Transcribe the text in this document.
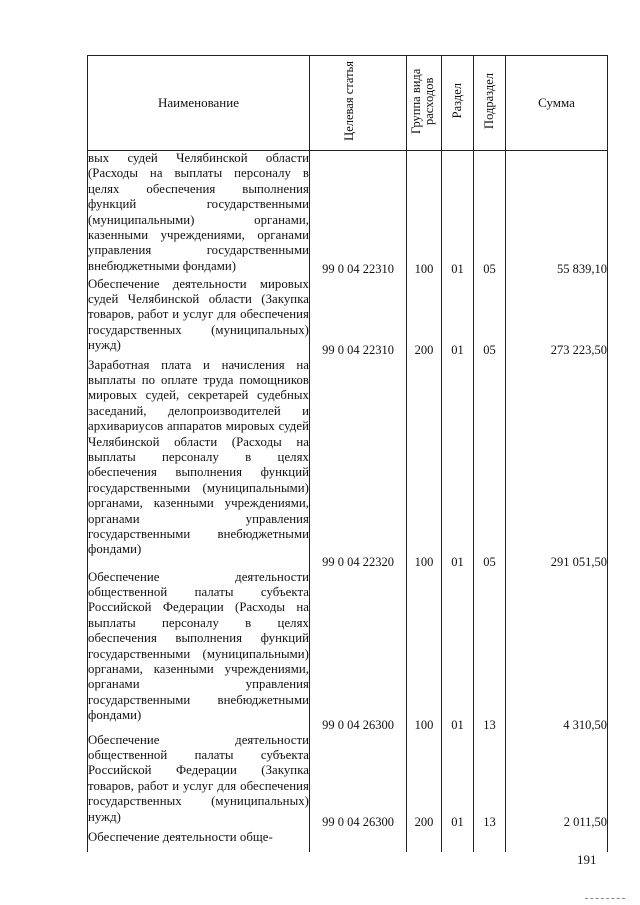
Наименование	Целевая статья	Группа вида расходов	Раздел	Подраздел	Сумма
вых судей Челябинской области (Расходы на выплаты персоналу в целях обеспечения выполнения функций государственными (муниципальными) органами, казенными учреждениями, органами управления государственными внебюджетными фондами)	99 0 04 22310	100	01	05	55 839,10
Обеспечение деятельности мировых судей Челябинской области (Закупка товаров, работ и услуг для обеспечения государственных (муниципальных) нужд)	99 0 04 22310	200	01	05	273 223,50
Заработная плата и начисления на выплаты по оплате труда помощников мировых судей, секретарей судебных заседаний, делопроизводителей и архивариусов аппаратов мировых судей Челябинской области (Расходы на выплаты персоналу в целях обеспечения выполнения функций государственными (муниципальными) органами, казенными учреждениями, органами управления государственными внебюджетными фондами)	99 0 04 22320	100	01	05	291 051,50
Обеспечение деятельности общественной палаты субъекта Российской Федерации (Расходы на выплаты персоналу в целях обеспечения выполнения функций государственными (муниципальными) органами, казенными учреждениями, органами управления государственными внебюджетными фондами)	99 0 04 26300	100	01	13	4 310,50
Обеспечение деятельности общественной палаты субъекта Российской Федерации (Закупка товаров, работ и услуг для обеспечения государственных (муниципальных) нужд)	99 0 04 26300	200	01	13	2 011,50
Обеспечение деятельности обще-					
191
